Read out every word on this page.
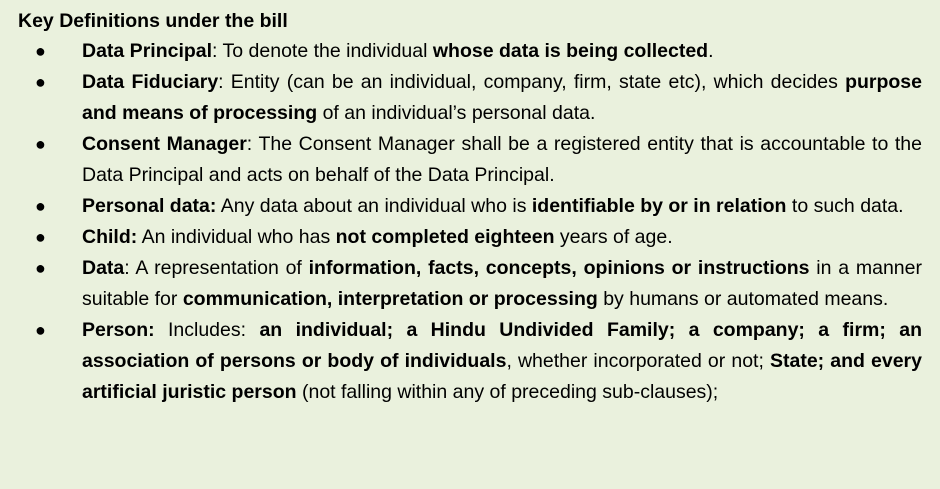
Key Definitions under the bill

●	Data Principal: To denote the individual whose data is being collected.
●	Data Fiduciary: Entity (can be an individual, company, firm, state etc), which decides purpose and means of processing of an individual’s personal data.
●	Consent Manager: The Consent Manager shall be a registered entity that is accountable to the Data Principal and acts on behalf of the Data Principal.
●	Personal data: Any data about an individual who is identifiable by or in relation to such data.
●	Child: An individual who has not completed eighteen years of age.
●	Data: A representation of information, facts, concepts, opinions or instructions in a manner suitable for communication, interpretation or processing by humans or automated means.
●	Person: Includes: an individual; a Hindu Undivided Family; a company; a firm; an association of persons or body of individuals, whether incorporated or not; State; and every artificial juristic person (not falling within any of preceding sub-clauses);
